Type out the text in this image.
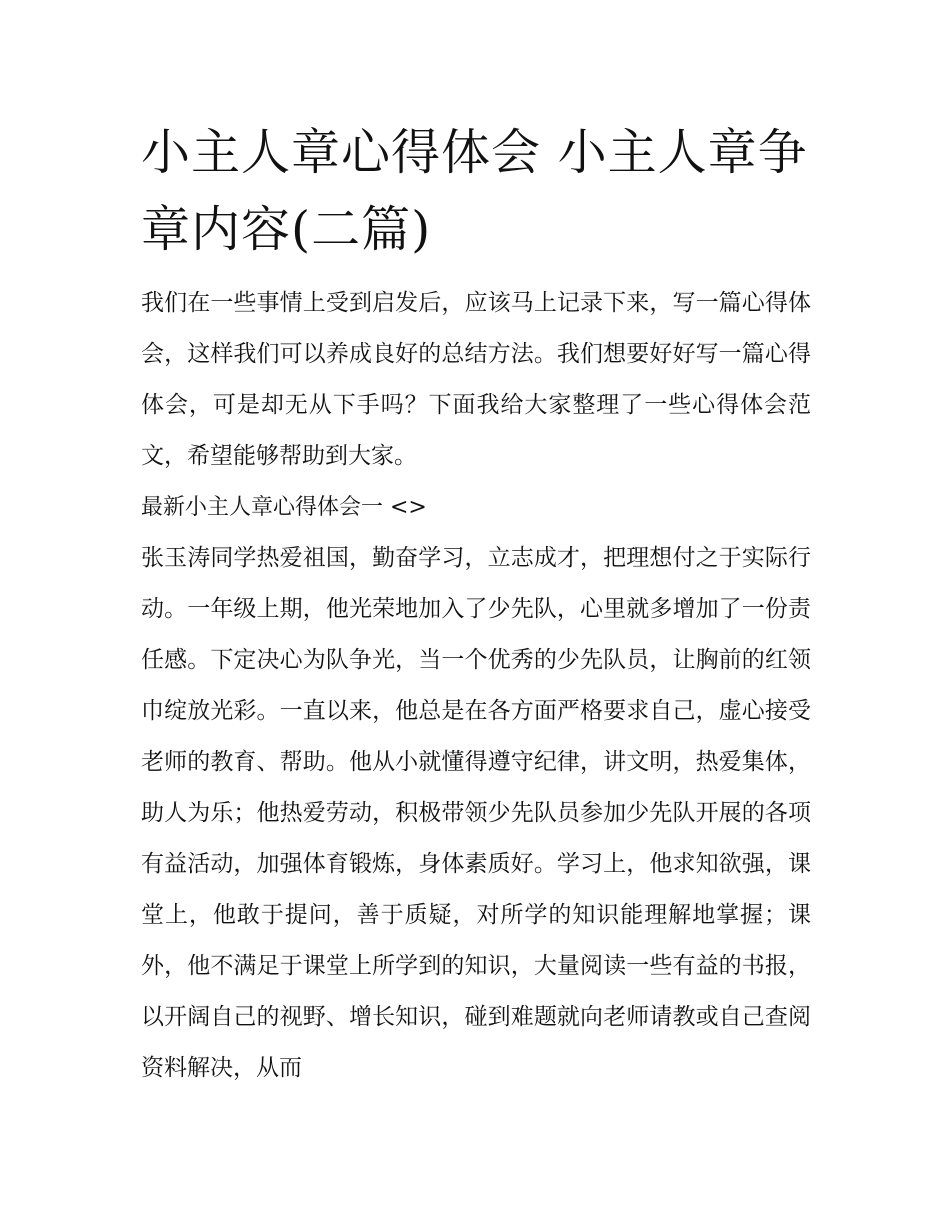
小主人章心得体会 小主人章争章内容(二篇)

我们在一些事情上受到启发后，应该马上记录下来，写一篇心得体会，这样我们可以养成良好的总结方法。我们想要好好写一篇心得体会，可是却无从下手吗？下面我给大家整理了一些心得体会范文，希望能够帮助到大家。

最新小主人章心得体会一 <>

张玉涛同学热爱祖国，勤奋学习，立志成才，把理想付之于实际行动。一年级上期，他光荣地加入了少先队，心里就多增加了一份责任感。下定决心为队争光，当一个优秀的少先队员，让胸前的红领巾绽放光彩。一直以来，他总是在各方面严格要求自己，虚心接受老师的教育、帮助。他从小就懂得遵守纪律，讲文明，热爱集体，助人为乐；他热爱劳动，积极带领少先队员参加少先队开展的各项有益活动，加强体育锻炼，身体素质好。学习上，他求知欲强，课堂上，他敢于提问，善于质疑，对所学的知识能理解地掌握；课外，他不满足于课堂上所学到的知识，大量阅读一些有益的书报，以开阔自己的视野、增长知识，碰到难题就向老师请教或自己查阅资料解决，从而
